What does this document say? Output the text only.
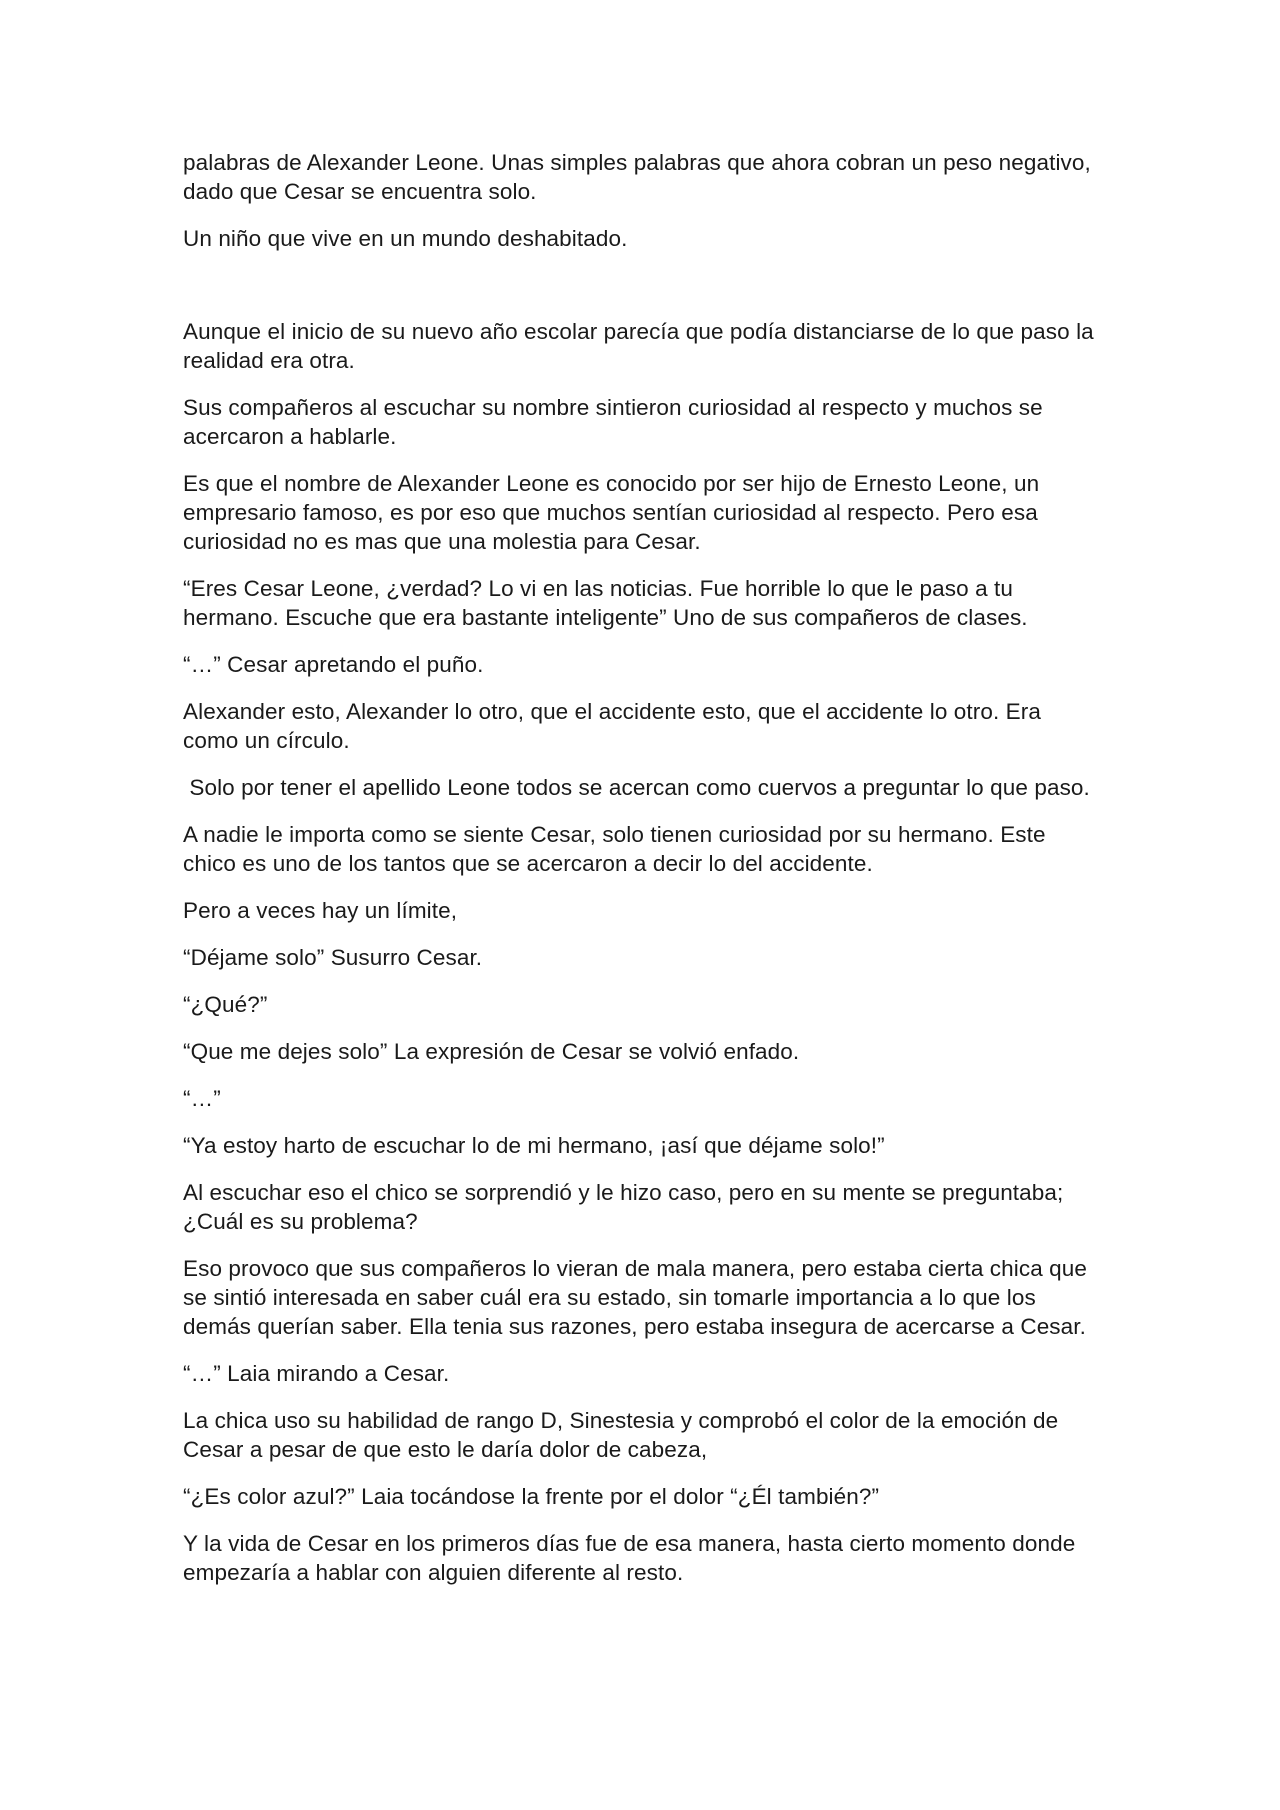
palabras de Alexander Leone. Unas simples palabras que ahora cobran un peso negativo, dado que Cesar se encuentra solo.

Un niño que vive en un mundo deshabitado.

Aunque el inicio de su nuevo año escolar parecía que podía distanciarse de lo que paso la realidad era otra.

Sus compañeros al escuchar su nombre sintieron curiosidad al respecto y muchos se acercaron a hablarle.

Es que el nombre de Alexander Leone es conocido por ser hijo de Ernesto Leone, un empresario famoso, es por eso que muchos sentían curiosidad al respecto. Pero esa curiosidad no es mas que una molestia para Cesar.

“Eres Cesar Leone, ¿verdad? Lo vi en las noticias. Fue horrible lo que le paso a tu hermano. Escuche que era bastante inteligente” Uno de sus compañeros de clases.

“…” Cesar apretando el puño.

Alexander esto, Alexander lo otro, que el accidente esto, que el accidente lo otro. Era como un círculo.

Solo por tener el apellido Leone todos se acercan como cuervos a preguntar lo que paso.

A nadie le importa como se siente Cesar, solo tienen curiosidad por su hermano. Este chico es uno de los tantos que se acercaron a decir lo del accidente.

Pero a veces hay un límite,

“Déjame solo” Susurro Cesar.

“¿Qué?”

“Que me dejes solo” La expresión de Cesar se volvió enfado.

“…”

“Ya estoy harto de escuchar lo de mi hermano, ¡así que déjame solo!”

Al escuchar eso el chico se sorprendió y le hizo caso, pero en su mente se preguntaba; ¿Cuál es su problema?

Eso provoco que sus compañeros lo vieran de mala manera, pero estaba cierta chica que se sintió interesada en saber cuál era su estado, sin tomarle importancia a lo que los demás querían saber. Ella tenia sus razones, pero estaba insegura de acercarse a Cesar.

“…” Laia mirando a Cesar.

La chica uso su habilidad de rango D, Sinestesia y comprobó el color de la emoción de Cesar a pesar de que esto le daría dolor de cabeza,

“¿Es color azul?” Laia tocándose la frente por el dolor “¿Él también?”

Y la vida de Cesar en los primeros días fue de esa manera, hasta cierto momento donde empezaría a hablar con alguien diferente al resto.
